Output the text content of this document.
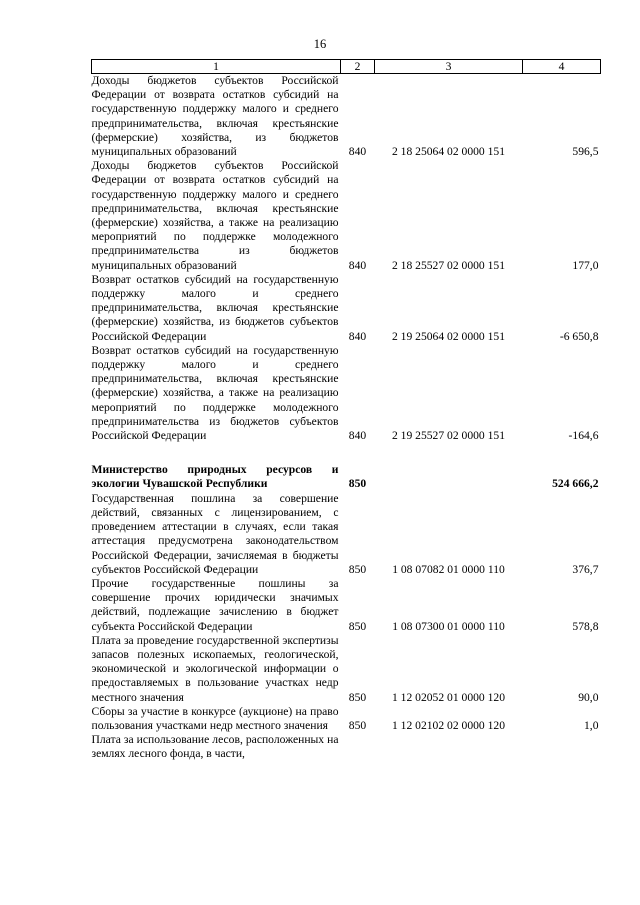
16
1	2	3	4
Доходы бюджетов субъектов Российской Федерации от возврата остатков субсидий на государственную поддержку малого и среднего предпринимательства, включая крестьянские (фермерские) хозяйства, из бюджетов муниципальных образований	840	2 18 25064 02 0000 151	596,5
Доходы бюджетов субъектов Российской Федерации от возврата остатков субсидий на государственную поддержку малого и среднего предпринимательства, включая крестьянские (фермерские) хозяйства, а также на реализацию мероприятий по поддержке молодежного предпринимательства из бюджетов муниципальных образований	840	2 18 25527 02 0000 151	177,0
Возврат остатков субсидий на государственную поддержку малого и среднего предпринимательства, включая крестьянские (фермерские) хозяйства, из бюджетов субъектов Российской Федерации	840	2 19 25064 02 0000 151	-6 650,8
Возврат остатков субсидий на государственную поддержку малого и среднего предпринимательства, включая крестьянские (фермерские) хозяйства, а также на реализацию мероприятий по поддержке молодежного предпринимательства из бюджетов субъектов Российской Федерации	840	2 19 25527 02 0000 151	-164,6

Министерство природных ресурсов и экологии Чувашской Республики	850		524 666,2
Государственная пошлина за совершение действий, связанных с лицензированием, с проведением аттестации в случаях, если такая аттестация предусмотрена законодательством Российской Федерации, зачисляемая в бюджеты субъектов Российской Федерации	850	1 08 07082 01 0000 110	376,7
Прочие государственные пошлины за совершение прочих юридически значимых действий, подлежащие зачислению в бюджет субъекта Российской Федерации	850	1 08 07300 01 0000 110	578,8
Плата за проведение государственной экспертизы запасов полезных ископаемых, геологической, экономической и экологической информации о предоставляемых в пользование участках недр местного значения	850	1 12 02052 01 0000 120	90,0
Сборы за участие в конкурсе (аукционе) на право пользования участками недр местного значения	850	1 12 02102 02 0000 120	1,0
Плата за использование лесов, расположенных на землях лесного фонда, в части,			
